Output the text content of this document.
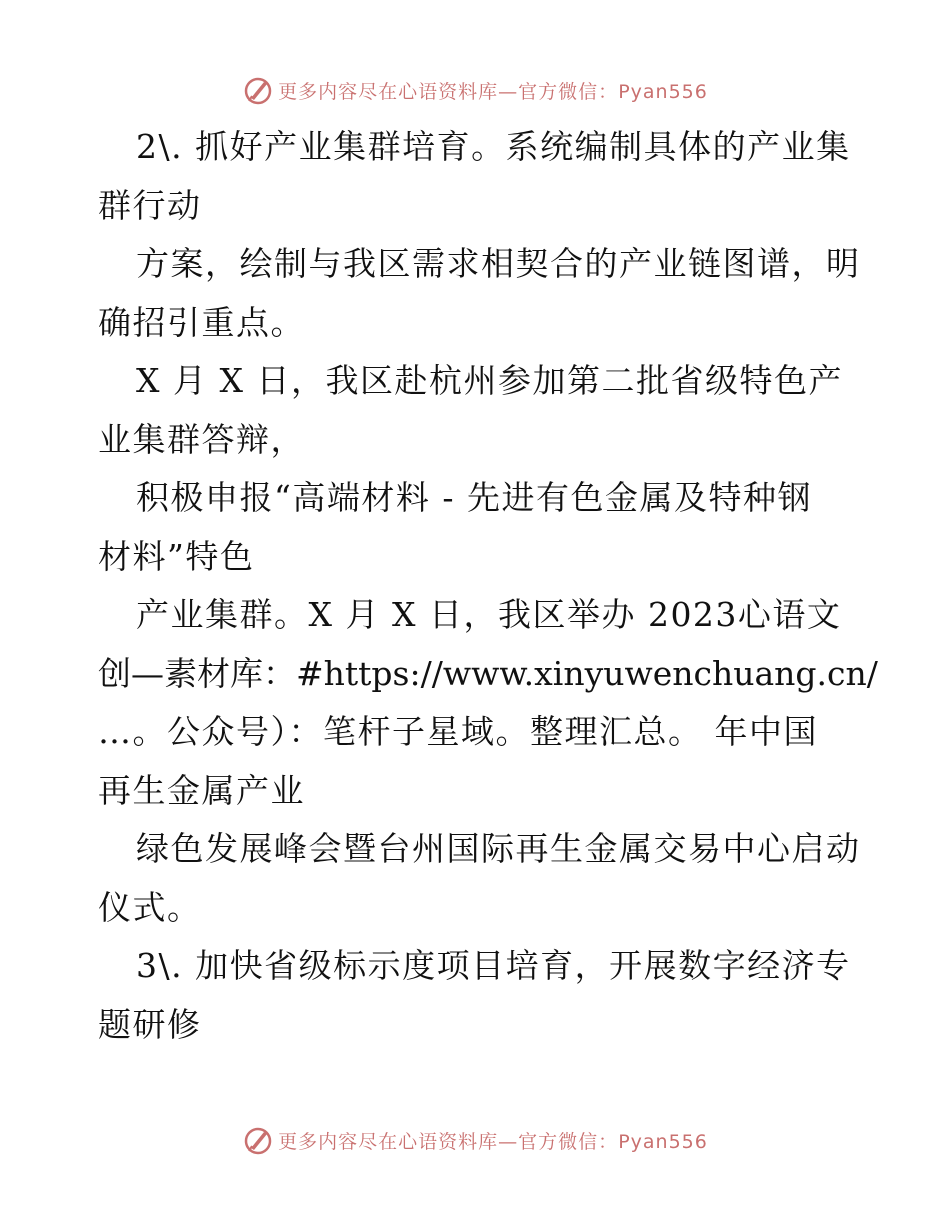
更多内容尽在心语资料库—官方微信：Pyan556
2\. 抓好产业集群培育。系统编制具体的产业集
群行动
方案，绘制与我区需求相契合的产业链图谱，明
确招引重点。
X 月 X 日，我区赴杭州参加第二批省级特色产
业集群答辩，
积极申报“高端材料 - 先进有色金属及特种钢
材料”特色
产业集群。X 月 X 日，我区举办 2023心语文
创—素材库：#https://www.xinyuwenchuang.cn/
…。公众号）：笔杆子星域。整理汇总。 年中国
再生金属产业
绿色发展峰会暨台州国际再生金属交易中心启动
仪式。
3\. 加快省级标示度项目培育，开展数字经济专
题研修
更多内容尽在心语资料库—官方微信：Pyan556
